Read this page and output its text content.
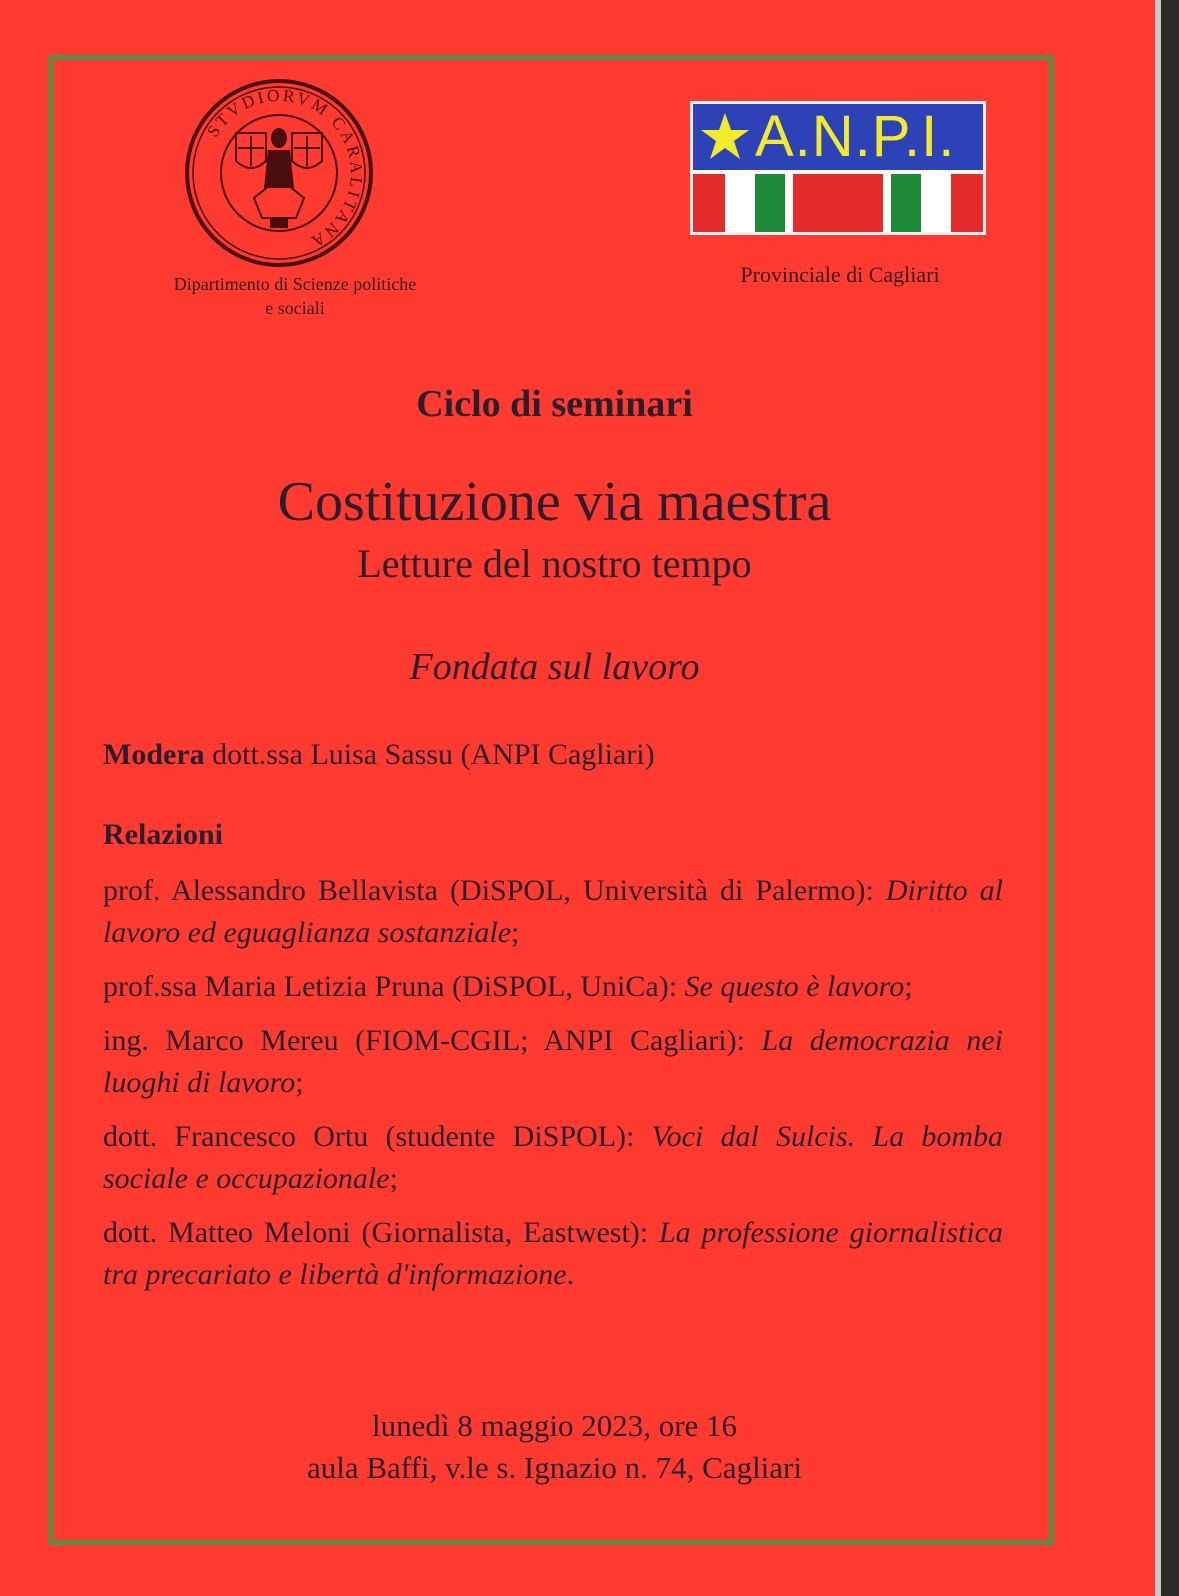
STVDIORVM CARALITANA
Dipartimento di Scienze politiche
e sociali
A.N.P.I.
Provinciale di Cagliari
Ciclo di seminari
Costituzione via maestra
Letture del nostro tempo
Fondata sul lavoro
Modera dott.ssa Luisa Sassu (ANPI Cagliari)
Relazioni
prof. Alessandro Bellavista (DiSPOL, Università di Palermo): Diritto al lavoro ed eguaglianza sostanziale;
prof.ssa Maria Letizia Pruna (DiSPOL, UniCa): Se questo è lavoro;
ing. Marco Mereu (FIOM-CGIL; ANPI Cagliari): La democrazia nei luoghi di lavoro;
dott. Francesco Ortu (studente DiSPOL): Voci dal Sulcis. La bomba sociale e occupazionale;
dott. Matteo Meloni (Giornalista, Eastwest): La professione giornalistica tra precariato e libertà d'informazione.
lunedì 8 maggio 2023, ore 16
aula Baffi, v.le s. Ignazio n. 74, Cagliari
